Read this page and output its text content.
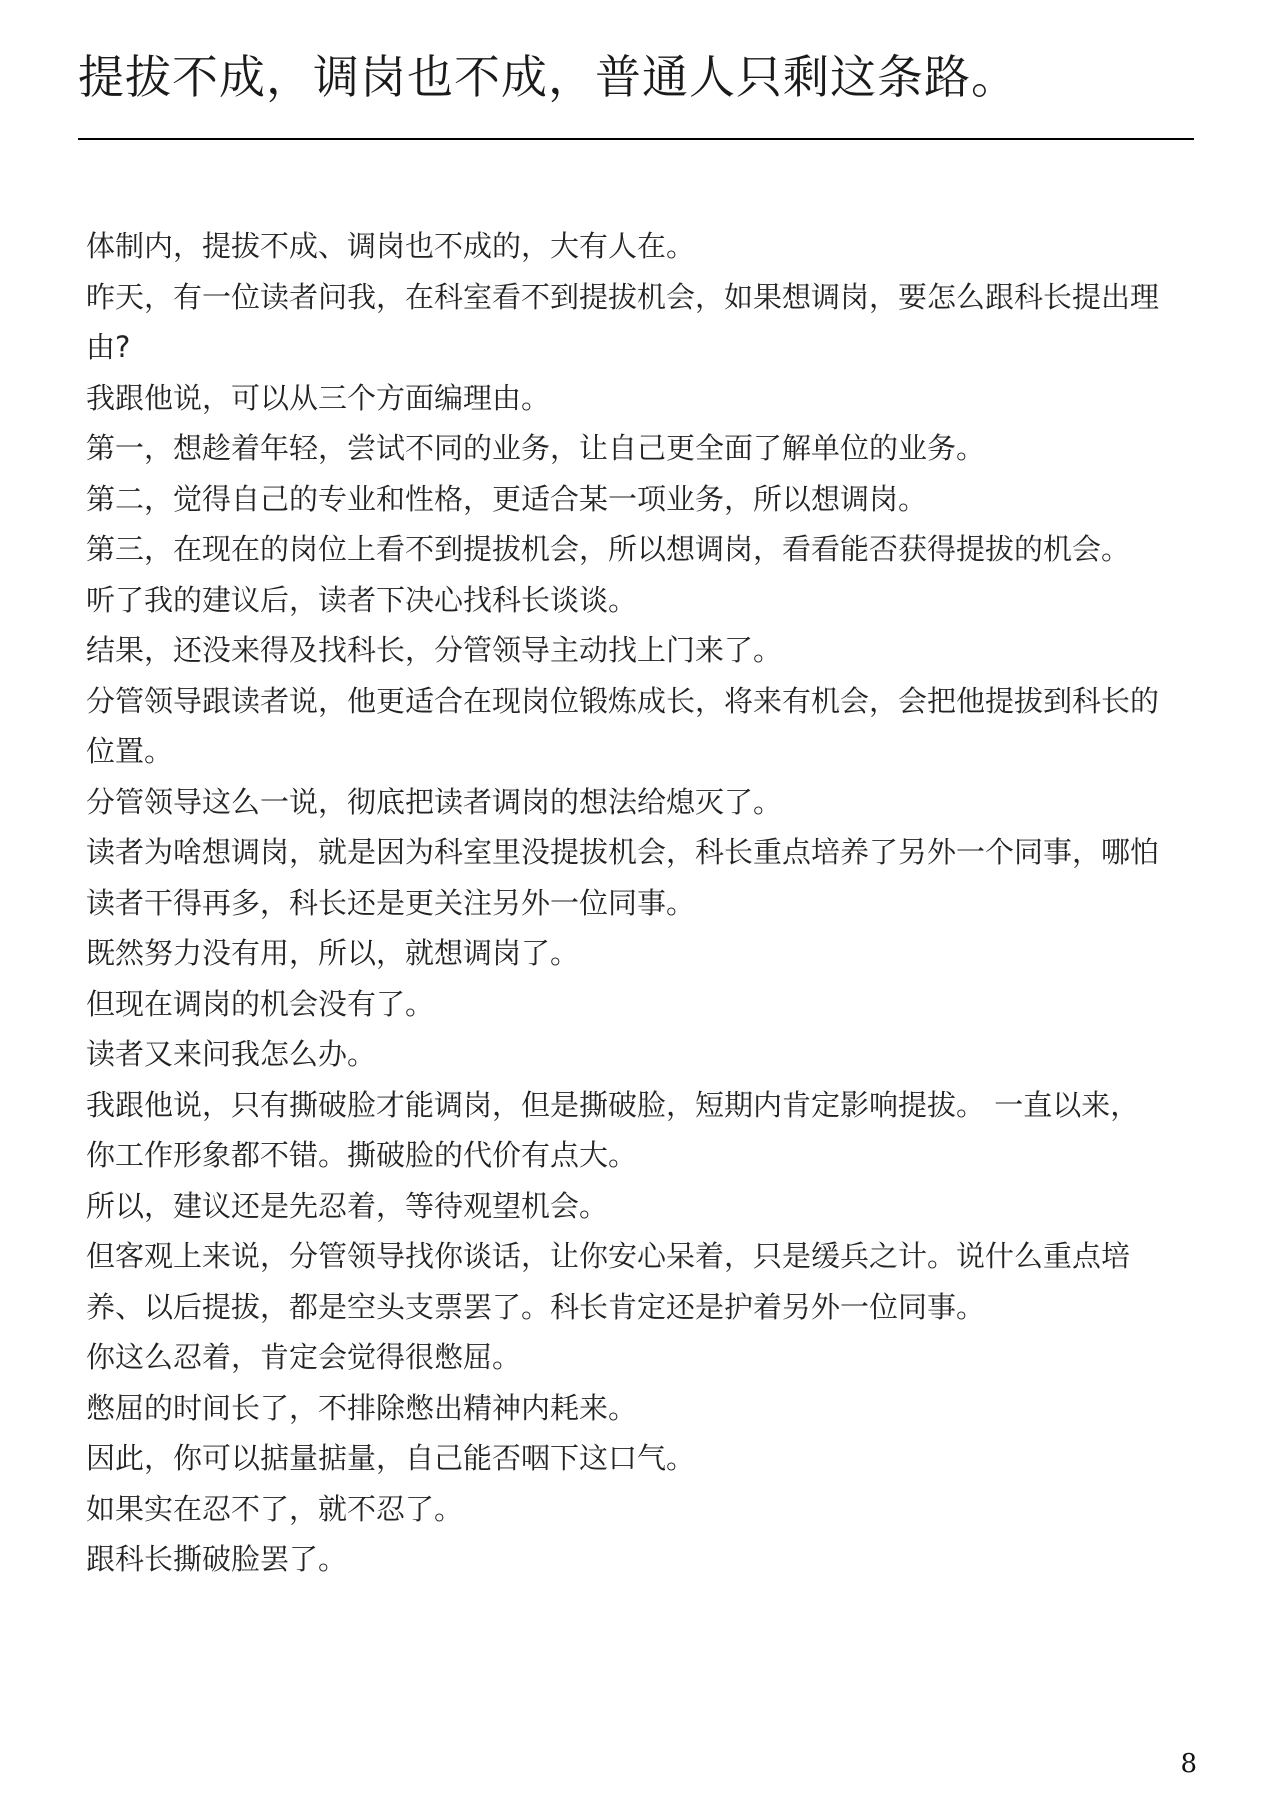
提拔不成，调岗也不成，普通人只剩这条路。

体制内，提拔不成、调岗也不成的，大有人在。

昨天，有一位读者问我，在科室看不到提拔机会，如果想调岗，要怎么跟科长提出理由?

我跟他说，可以从三个方面编理由。

第一，想趁着年轻，尝试不同的业务，让自己更全面了解单位的业务。

第二，觉得自己的专业和性格，更适合某一项业务，所以想调岗。

第三，在现在的岗位上看不到提拔机会，所以想调岗，看看能否获得提拔的机会。

听了我的建议后，读者下决心找科长谈谈。

结果，还没来得及找科长，分管领导主动找上门来了。

分管领导跟读者说，他更适合在现岗位锻炼成长，将来有机会，会把他提拔到科长的位置。

分管领导这么一说，彻底把读者调岗的想法给熄灭了。

读者为啥想调岗，就是因为科室里没提拔机会，科长重点培养了另外一个同事，哪怕读者干得再多，科长还是更关注另外一位同事。

既然努力没有用，所以，就想调岗了。

但现在调岗的机会没有了。

读者又来问我怎么办。

我跟他说，只有撕破脸才能调岗，但是撕破脸，短期内肯定影响提拔。 一直以来，你工作形象都不错。撕破脸的代价有点大。

所以，建议还是先忍着，等待观望机会。

但客观上来说，分管领导找你谈话，让你安心呆着，只是缓兵之计。说什么重点培养、以后提拔，都是空头支票罢了。科长肯定还是护着另外一位同事。

你这么忍着，肯定会觉得很憋屈。

憋屈的时间长了，不排除憋出精神内耗来。

因此，你可以掂量掂量，自己能否咽下这口气。

如果实在忍不了，就不忍了。

跟科长撕破脸罢了。

8
